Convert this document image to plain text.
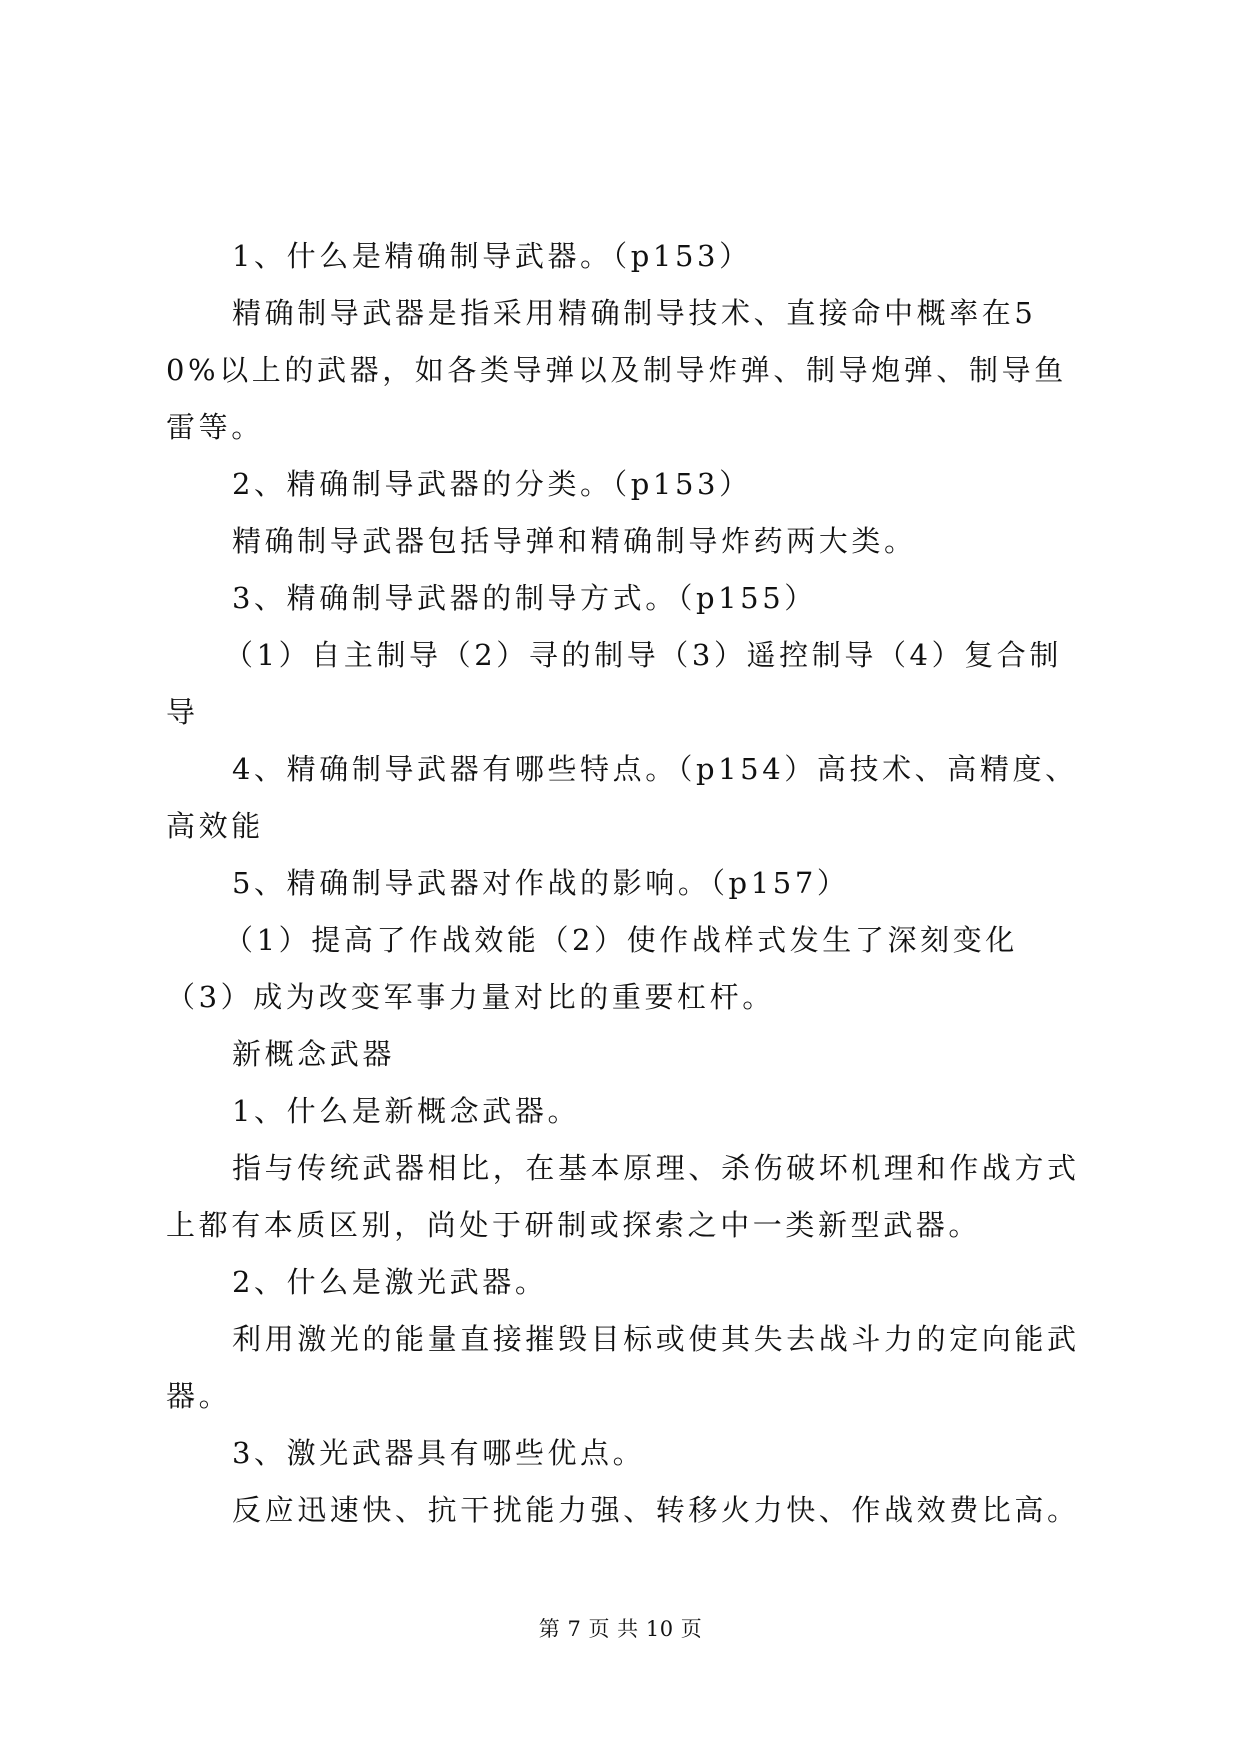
1、什么是精确制导武器。（p153）

精确制导武器是指采用精确制导技术、直接命中概率在50%以上的武器，如各类导弹以及制导炸弹、制导炮弹、制导鱼雷等。

2、精确制导武器的分类。（p153）

精确制导武器包括导弹和精确制导炸药两大类。

3、精确制导武器的制导方式。（p155）

（1）自主制导（2）寻的制导（3）遥控制导（4）复合制导

4、精确制导武器有哪些特点。（p154）高技术、高精度、高效能

5、精确制导武器对作战的影响。（p157）

（1）提高了作战效能（2）使作战样式发生了深刻变化（3）成为改变军事力量对比的重要杠杆。

新概念武器

1、什么是新概念武器。

指与传统武器相比，在基本原理、杀伤破坏机理和作战方式上都有本质区别，尚处于研制或探索之中一类新型武器。

2、什么是激光武器。

利用激光的能量直接摧毁目标或使其失去战斗力的定向能武器。

3、激光武器具有哪些优点。

反应迅速快、抗干扰能力强、转移火力快、作战效费比高。

第 7 页 共 10 页
